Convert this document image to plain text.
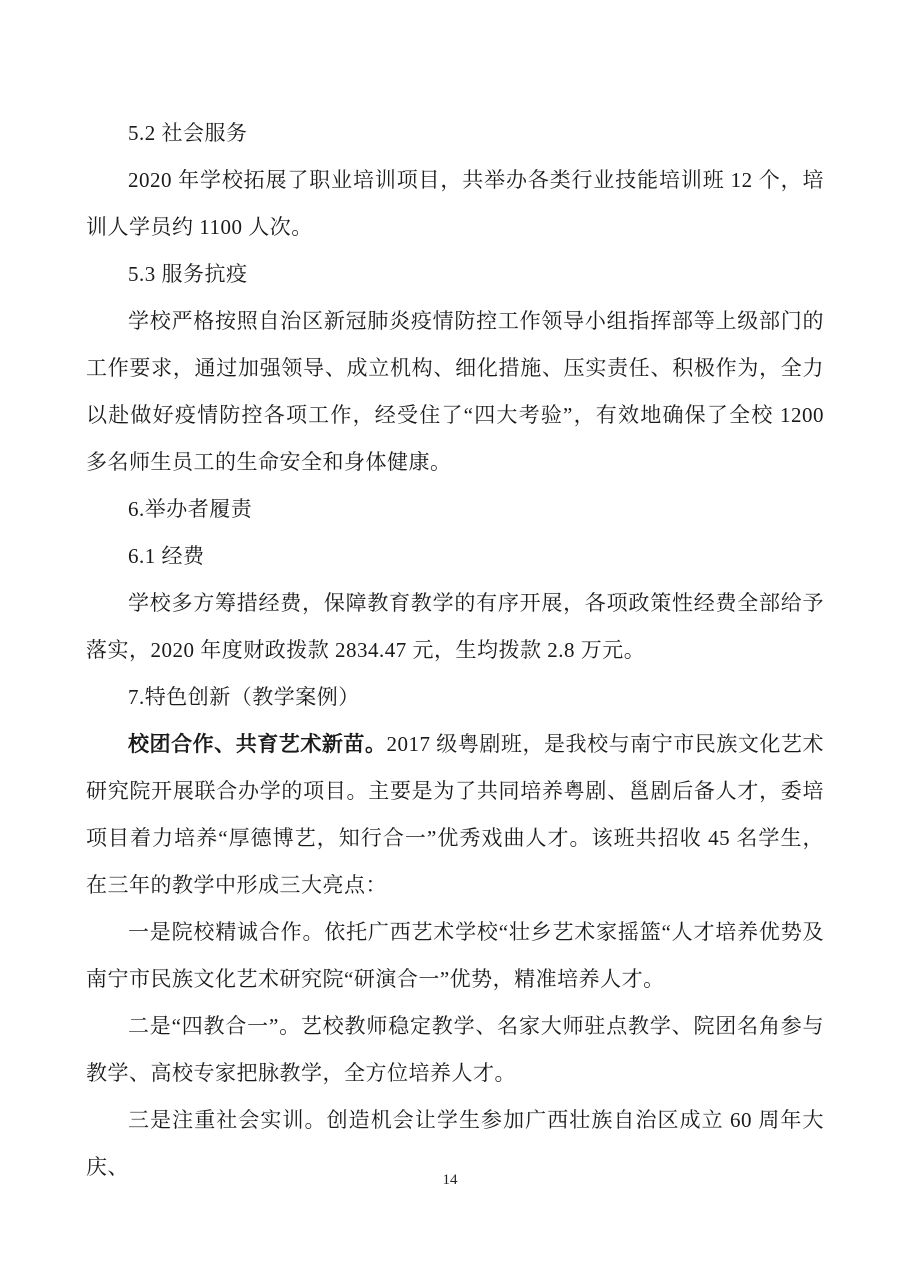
5.2 社会服务

2020 年学校拓展了职业培训项目，共举办各类行业技能培训班 12 个，培训人学员约 1100 人次。

5.3 服务抗疫

学校严格按照自治区新冠肺炎疫情防控工作领导小组指挥部等上级部门的工作要求，通过加强领导、成立机构、细化措施、压实责任、积极作为，全力以赴做好疫情防控各项工作，经受住了“四大考验”，有效地确保了全校 1200 多名师生员工的生命安全和身体健康。

6.举办者履责

6.1 经费

学校多方筹措经费，保障教育教学的有序开展，各项政策性经费全部给予落实，2020 年度财政拨款 2834.47 元，生均拨款 2.8 万元。

7.特色创新（教学案例）

校团合作、共育艺术新苗。2017 级粤剧班，是我校与南宁市民族文化艺术研究院开展联合办学的项目。主要是为了共同培养粤剧、邕剧后备人才，委培项目着力培养“厚德博艺，知行合一”优秀戏曲人才。该班共招收 45 名学生，在三年的教学中形成三大亮点：

一是院校精诚合作。依托广西艺术学校“壮乡艺术家摇篮“人才培养优势及南宁市民族文化艺术研究院“研演合一”优势，精准培养人才。

二是“四教合一”。艺校教师稳定教学、名家大师驻点教学、院团名角参与教学、高校专家把脉教学，全方位培养人才。

三是注重社会实训。创造机会让学生参加广西壮族自治区成立 60 周年大庆、

14
